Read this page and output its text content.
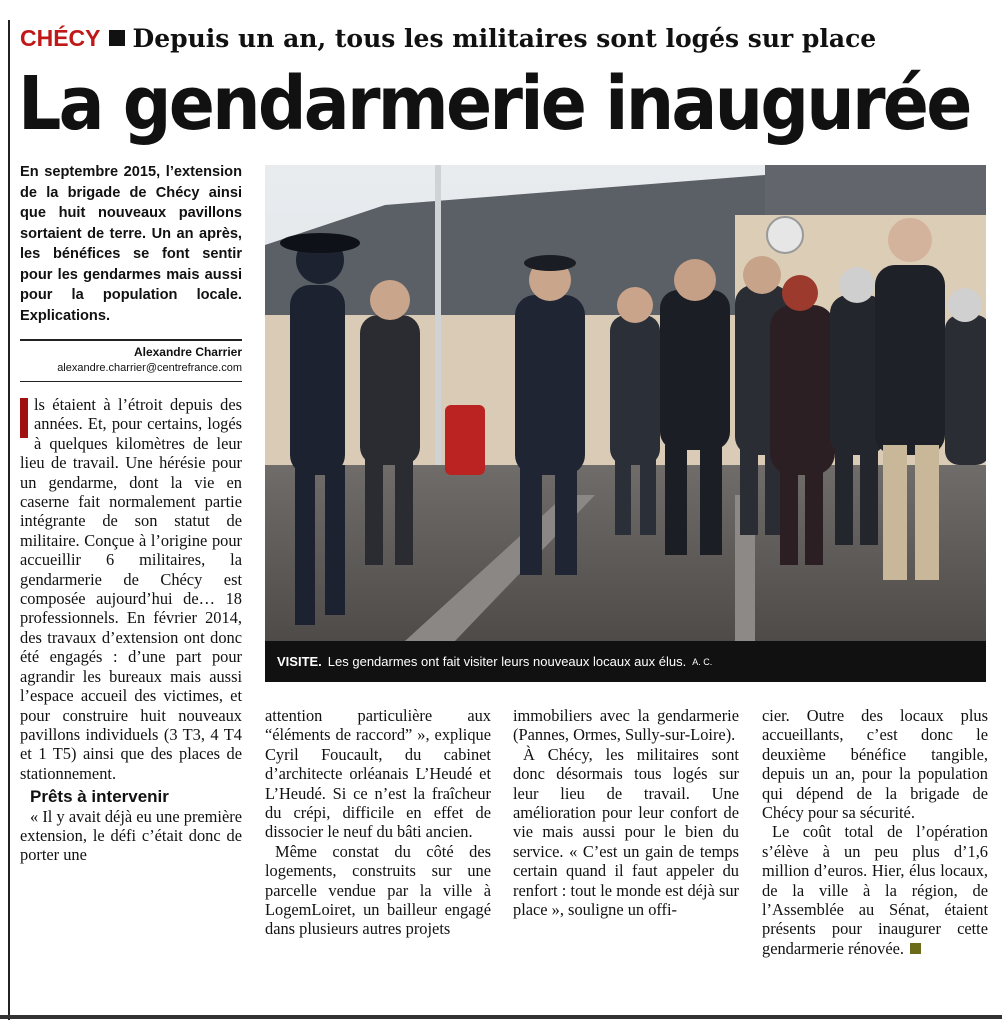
CHÉCY Depuis un an, tous les militaires sont logés sur place
La gendarmerie inaugurée
En septembre 2015, l’extension de la brigade de Chécy ainsi que huit nouveaux pavillons sortaient de terre. Un an après, les bénéfices se font sentir pour les gendarmes mais aussi pour la population locale. Explications.
Alexandre Charrier
alexandre.charrier@centrefrance.com

ls étaient à l’étroit depuis des années. Et, pour certains, logés à quelques kilomètres de leur lieu de travail. Une hérésie pour un gendarme, dont la vie en caserne fait normalement partie intégrante de son statut de militaire. Conçue à l’origine pour accueillir 6 militaires, la gendarmerie de Chécy est composée aujourd’hui de… 18 professionnels. En février 2014, des travaux d’extension ont donc été engagés : d’une part pour agrandir les bureaux mais aussi l’espace accueil des victimes, et pour construire huit nouveaux pavillons individuels (3 T3, 4 T4 et 1 T5) ainsi que des places de stationnement.

Prêts à intervenir

« Il y avait déjà eu une première extension, le défi c’était donc de porter une

VISITE. Les gendarmes ont fait visiter leurs nouveaux locaux aux élus. A. C.

attention particulière aux “éléments de raccord” », explique Cyril Foucault, du cabinet d’architecte orléanais L’Heudé et L’Heudé. Si ce n’est la fraîcheur du crépi, difficile en effet de dissocier le neuf du bâti ancien.

Même constat du côté des logements, construits sur une parcelle vendue par la ville à LogemLoiret, un bailleur engagé dans plusieurs autres projets

immobiliers avec la gendarmerie (Pannes, Ormes, Sully-sur-Loire).

À Chécy, les militaires sont donc désormais tous logés sur leur lieu de travail. Une amélioration pour leur confort de vie mais aussi pour le bien du service. « C’est un gain de temps certain quand il faut appeler du renfort : tout le monde est déjà sur place », souligne un offi-

cier. Outre des locaux plus accueillants, c’est donc le deuxième bénéfice tangible, depuis un an, pour la population qui dépend de la brigade de Chécy pour sa sécurité.

Le coût total de l’opération s’élève à un peu plus d’1,6 million d’euros. Hier, élus locaux, de la ville à la région, de l’Assemblée au Sénat, étaient présents pour inaugurer cette gendarmerie rénovée.
